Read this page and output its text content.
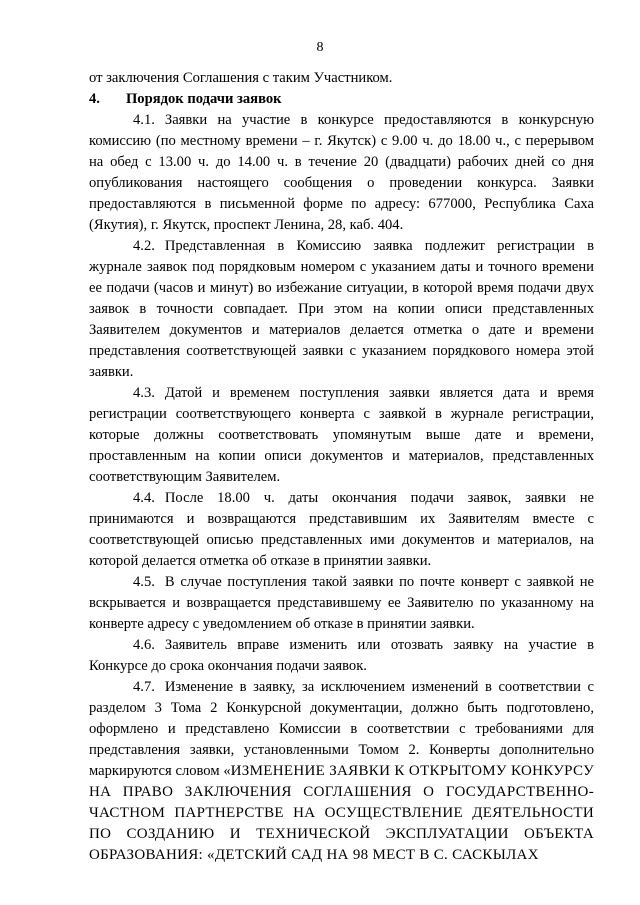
8

от заключения Соглашения с таким Участником.

4. Порядок подачи заявок

4.1. Заявки на участие в конкурсе предоставляются в конкурсную комиссию (по местному времени – г. Якутск) с 9.00 ч. до 18.00 ч., с перерывом на обед с 13.00 ч. до 14.00 ч. в течение 20 (двадцати) рабочих дней со дня опубликования настоящего сообщения о проведении конкурса. Заявки предоставляются в письменной форме по адресу: 677000, Республика Саха (Якутия), г. Якутск, проспект Ленина, 28, каб. 404.

4.2. Представленная в Комиссию заявка подлежит регистрации в журнале заявок под порядковым номером с указанием даты и точного времени ее подачи (часов и минут) во избежание ситуации, в которой время подачи двух заявок в точности совпадает. При этом на копии описи представленных Заявителем документов и материалов делается отметка о дате и времени представления соответствующей заявки с указанием порядкового номера этой заявки.

4.3. Датой и временем поступления заявки является дата и время регистрации соответствующего конверта с заявкой в журнале регистрации, которые должны соответствовать упомянутым выше дате и времени, проставленным на копии описи документов и материалов, представленных соответствующим Заявителем.

4.4. После 18.00 ч. даты окончания подачи заявок, заявки не принимаются и возвращаются представившим их Заявителям вместе с соответствующей описью представленных ими документов и материалов, на которой делается отметка об отказе в принятии заявки.

4.5. В случае поступления такой заявки по почте конверт с заявкой не вскрывается и возвращается представившему ее Заявителю по указанному на конверте адресу с уведомлением об отказе в принятии заявки.

4.6. Заявитель вправе изменить или отозвать заявку на участие в Конкурсе до срока окончания подачи заявок.

4.7. Изменение в заявку, за исключением изменений в соответствии с разделом 3 Тома 2 Конкурсной документации, должно быть подготовлено, оформлено и представлено Комиссии в соответствии с требованиями для представления заявки, установленными Томом 2. Конверты дополнительно маркируются словом «ИЗМЕНЕНИЕ ЗАЯВКИ К ОТКРЫТОМУ КОНКУРСУ НА ПРАВО ЗАКЛЮЧЕНИЯ СОГЛАШЕНИЯ О ГОСУДАРСТВЕННО-ЧАСТНОМ ПАРТНЕРСТВЕ НА ОСУЩЕСТВЛЕНИЕ ДЕЯТЕЛЬНОСТИ ПО СОЗДАНИЮ И ТЕХНИЧЕСКОЙ ЭКСПЛУАТАЦИИ ОБЪЕКТА ОБРАЗОВАНИЯ: «ДЕТСКИЙ САД НА 98 МЕСТ В С. САСКЫЛАХ
